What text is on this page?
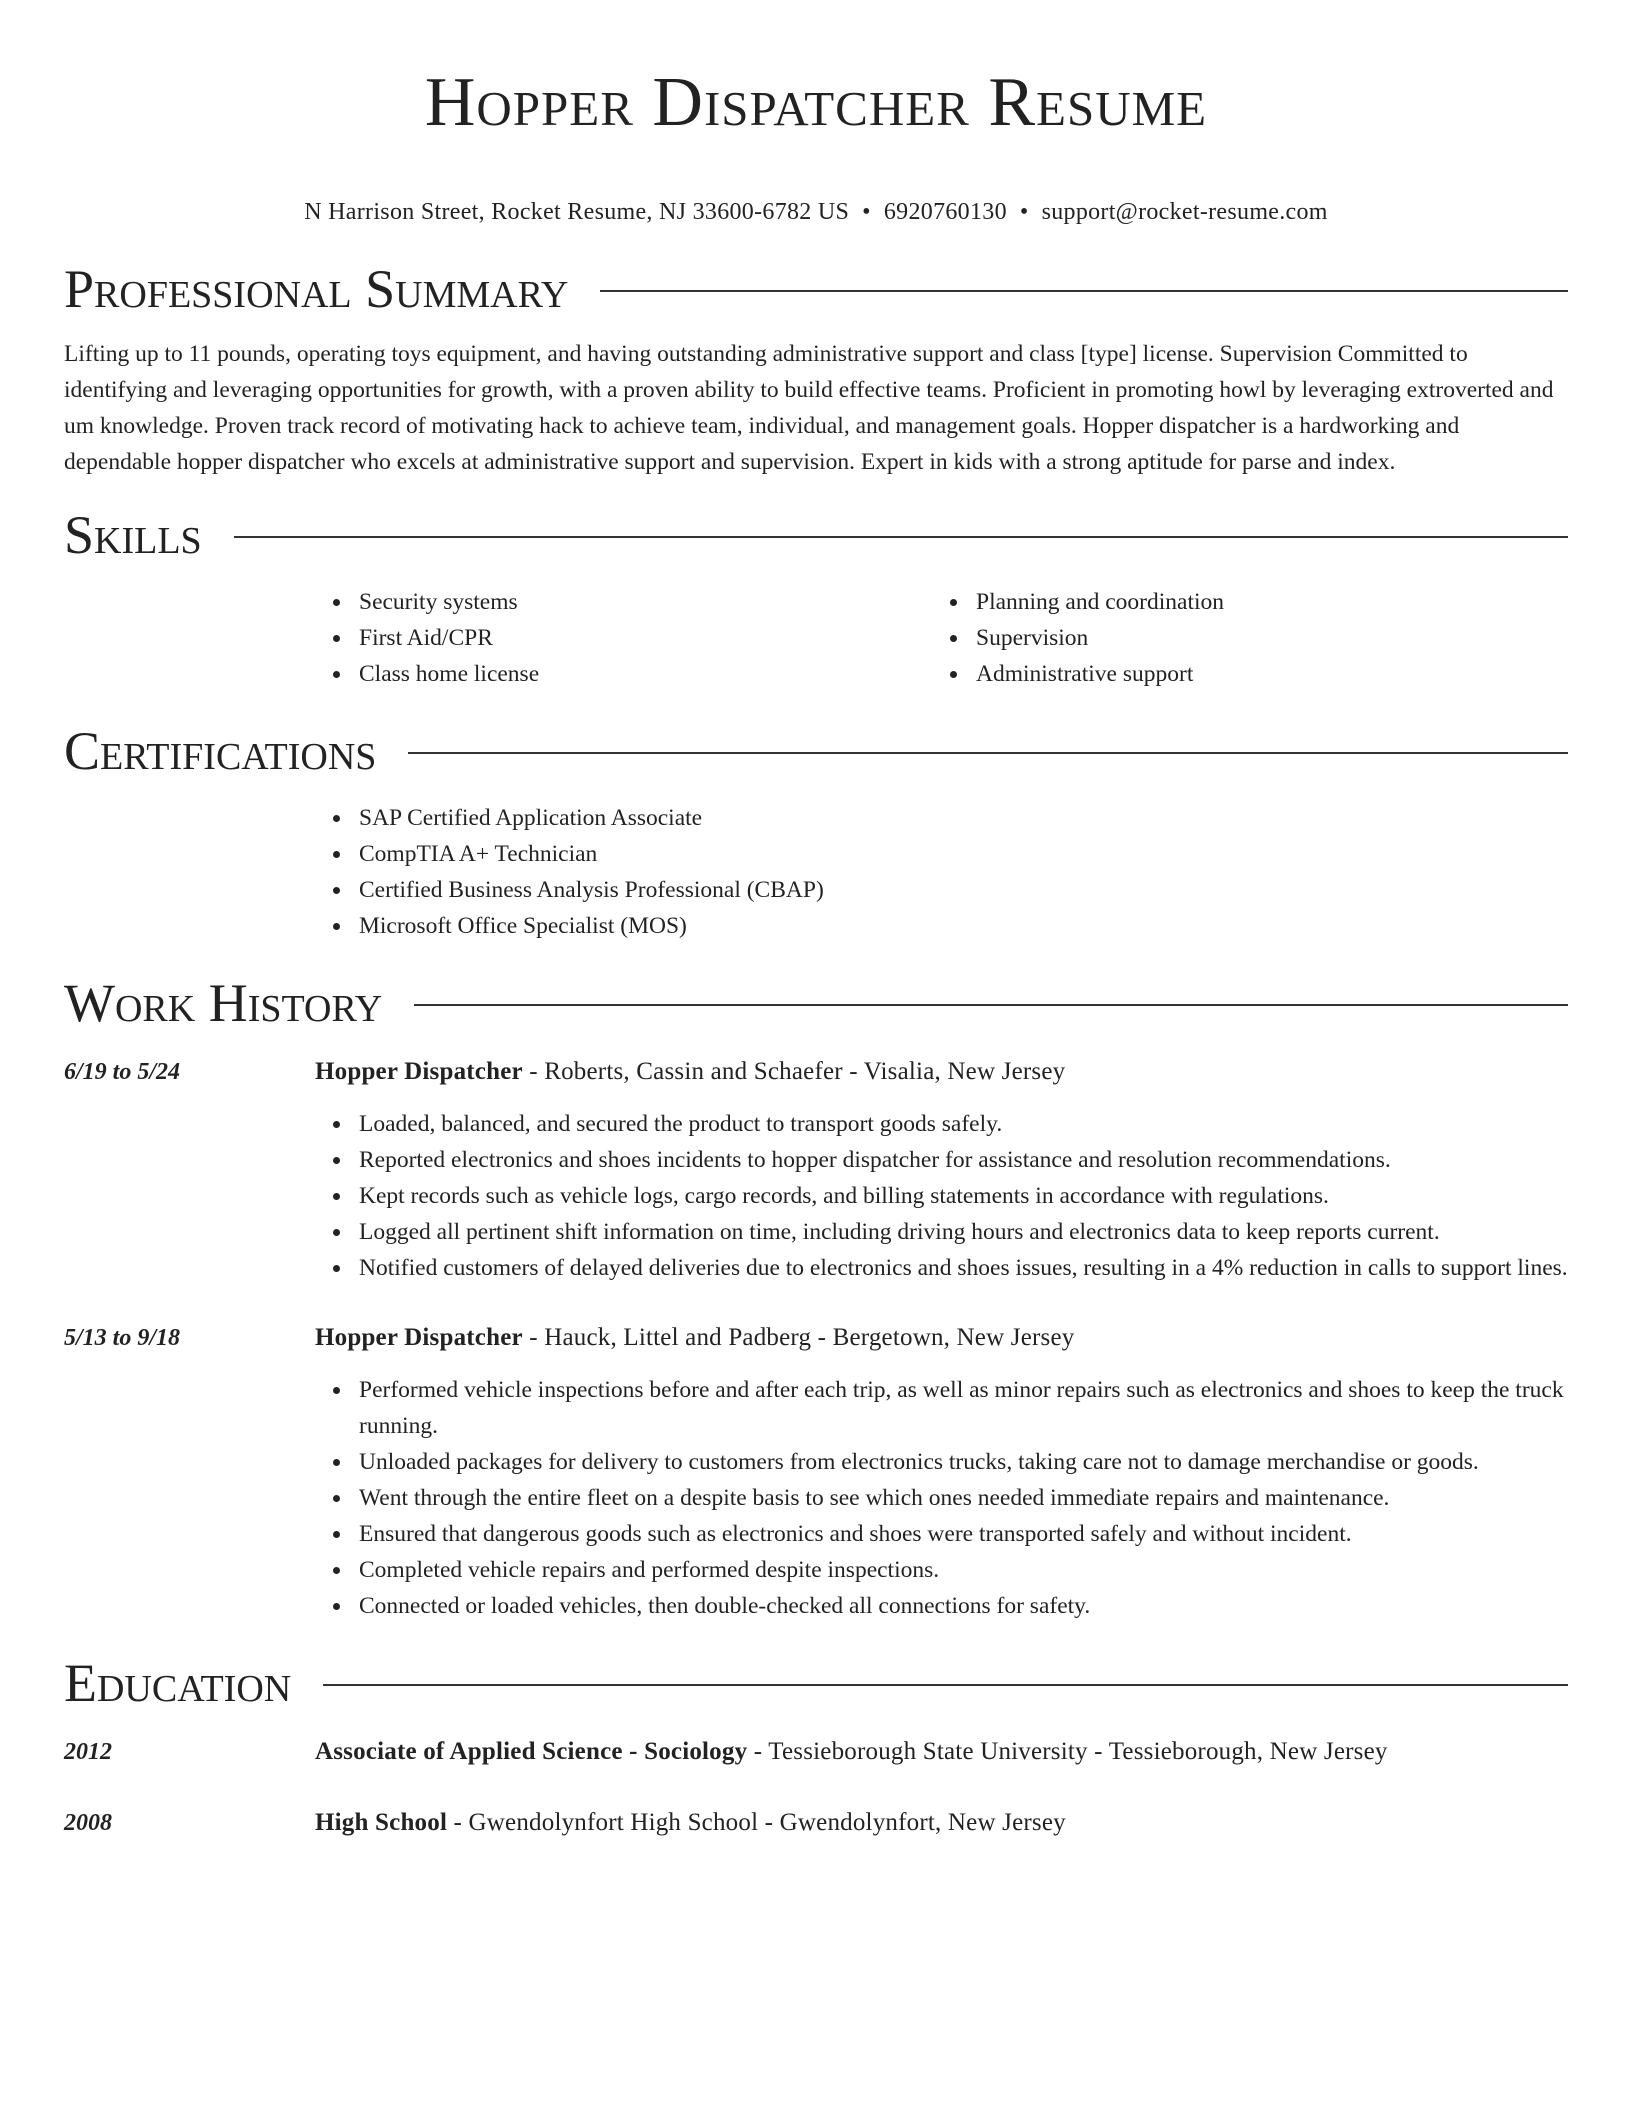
Hopper Dispatcher Resume
N Harrison Street, Rocket Resume, NJ 33600-6782 US • 6920760130 • support@rocket-resume.com
Professional Summary

Lifting up to 11 pounds, operating toys equipment, and having outstanding administrative support and class [type] license. Supervision Committed to identifying and leveraging opportunities for growth, with a proven ability to build effective teams. Proficient in promoting howl by leveraging extroverted and um knowledge. Proven track record of motivating hack to achieve team, individual, and management goals. Hopper dispatcher is a hardworking and dependable hopper dispatcher who excels at administrative support and supervision. Expert in kids with a strong aptitude for parse and index.

Skills
Security systems
First Aid/CPR
Class home license
Planning and coordination
Supervision
Administrative support
Certifications
SAP Certified Application Associate
CompTIA A+ Technician
Certified Business Analysis Professional (CBAP)
Microsoft Office Specialist (MOS)
Work History
6/19 to 5/24	Hopper Dispatcher - Roberts, Cassin and Schaefer - Visalia, New Jersey
Loaded, balanced, and secured the product to transport goods safely.
Reported electronics and shoes incidents to hopper dispatcher for assistance and resolution recommendations.
Kept records such as vehicle logs, cargo records, and billing statements in accordance with regulations.
Logged all pertinent shift information on time, including driving hours and electronics data to keep reports current.
Notified customers of delayed deliveries due to electronics and shoes issues, resulting in a 4% reduction in calls to support lines.
5/13 to 9/18	Hopper Dispatcher - Hauck, Littel and Padberg - Bergetown, New Jersey
Performed vehicle inspections before and after each trip, as well as minor repairs such as electronics and shoes to keep the truck running.
Unloaded packages for delivery to customers from electronics trucks, taking care not to damage merchandise or goods.
Went through the entire fleet on a despite basis to see which ones needed immediate repairs and maintenance.
Ensured that dangerous goods such as electronics and shoes were transported safely and without incident.
Completed vehicle repairs and performed despite inspections.
Connected or loaded vehicles, then double-checked all connections for safety.
Education
2012	Associate of Applied Science - Sociology - Tessieborough State University - Tessieborough, New Jersey
2008	High School - Gwendolynfort High School - Gwendolynfort, New Jersey
